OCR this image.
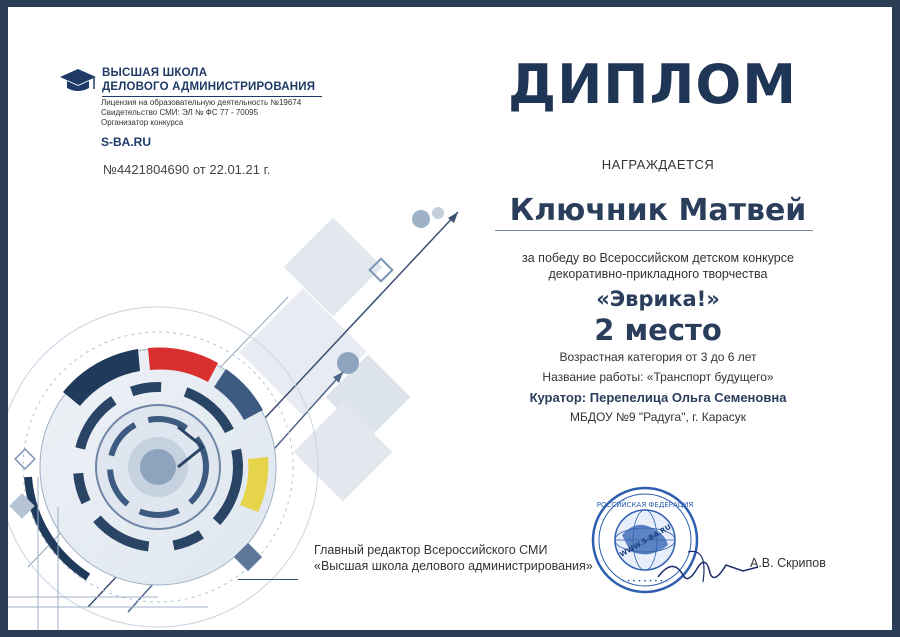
ВЫСШАЯ ШКОЛА
ДЕЛОВОГО АДМИНИСТРИРОВАНИЯ
Лицензия на образовательную деятельность №19674
Свидетельство СМИ: ЭЛ № ФС 77 - 70095
Организатор конкурса
S-BA.RU
№4421804690 от 22.01.21 г.
ДИПЛОМ
НАГРАЖДАЕТСЯ
Ключник Матвей
за победу во Всероссийском детском конкурсе
декоративно-прикладного творчества
«Эврика!»
2 место
Возрастная категория от 3 до 6 лет
Название работы: «Транспорт будущего»
Куратор: Перепелица Ольга Семеновна
МБДОУ №9 "Радуга", г. Карасук
Главный редактор Всероссийского СМИ
«Высшая школа делового администрирования»
РОССИЙСКАЯ ФЕДЕРАЦИЯ
WWW.S-BA.RU
• • • • • • • • •
А.В. Скрипов
